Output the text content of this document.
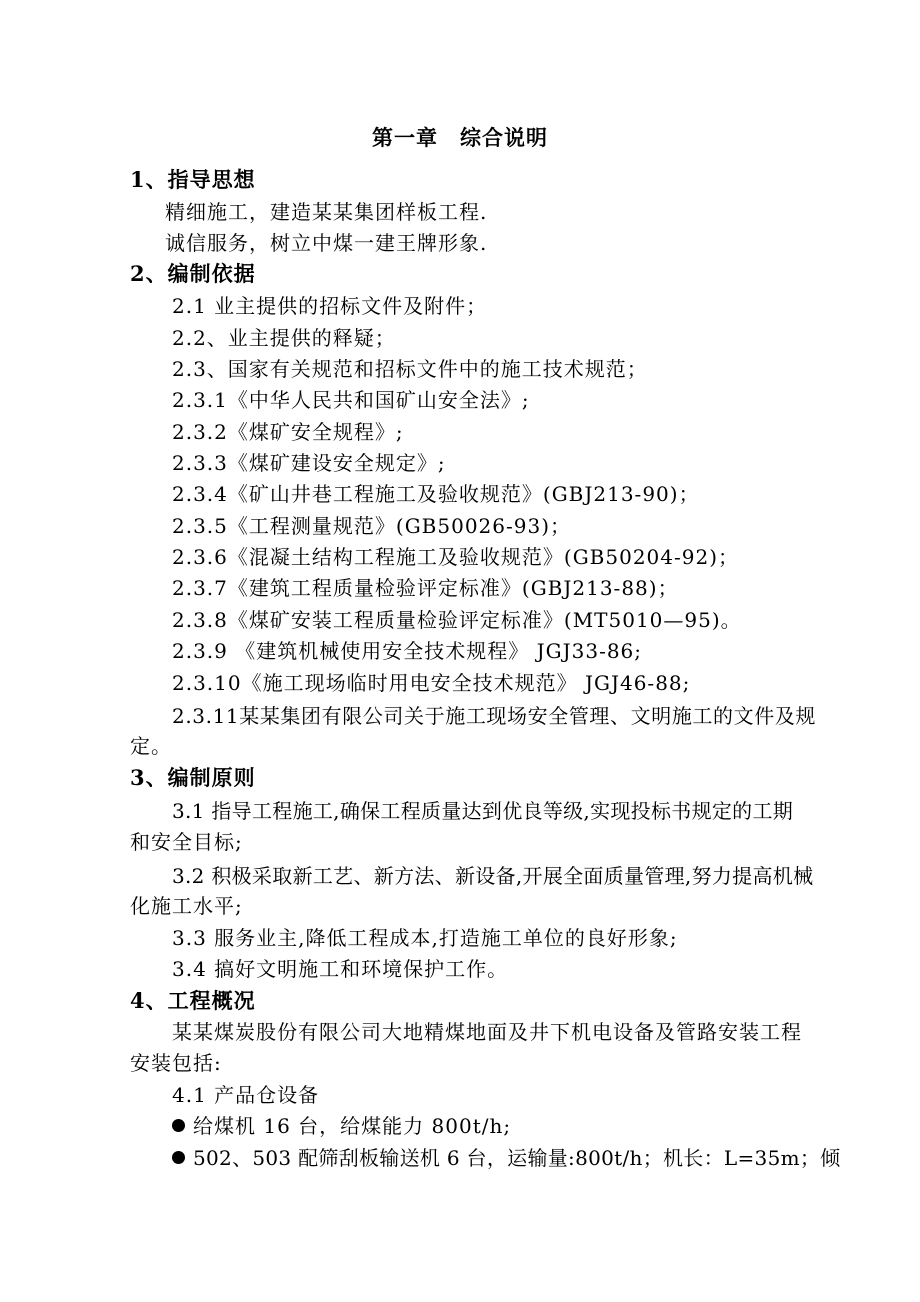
第一章　综合说明
1、指导思想
精细施工，建造某某集团样板工程.
诚信服务，树立中煤一建王牌形象.
2、编制依据
2.1 业主提供的招标文件及附件；
2.2、业主提供的释疑；
2.3、国家有关规范和招标文件中的施工技术规范；
2.3.1《中华人民共和国矿山安全法》;
2.3.2《煤矿安全规程》;
2.3.3《煤矿建设安全规定》;
2.3.4《矿山井巷工程施工及验收规范》(GBJ213-90)；
2.3.5《工程测量规范》(GB50026-93)；
2.3.6《混凝土结构工程施工及验收规范》(GB50204-92)；
2.3.7《建筑工程质量检验评定标准》(GBJ213-88)；
2.3.8《煤矿安装工程质量检验评定标准》(MT5010—95)。
2.3.9 《建筑机械使用安全技术规程》 JGJ33-86;
2.3.10《施工现场临时用电安全技术规范》 JGJ46-88;
2.3.11某某集团有限公司关于施工现场安全管理、文明施工的文件及规
定。
3、编制原则
3.1 指导工程施工,确保工程质量达到优良等级,实现投标书规定的工期
和安全目标;
3.2 积极采取新工艺、新方法、新设备,开展全面质量管理,努力提高机械
化施工水平;
3.3 服务业主,降低工程成本,打造施工单位的良好形象;
3.4 搞好文明施工和环境保护工作。
4、工程概况
某某煤炭股份有限公司大地精煤地面及井下机电设备及管路安装工程
安装包括:
4.1 产品仓设备
给煤机 16 台，给煤能力 800t/h;
502、503 配筛刮板输送机 6 台，运输量:800t/h；机长：L=35m；倾
